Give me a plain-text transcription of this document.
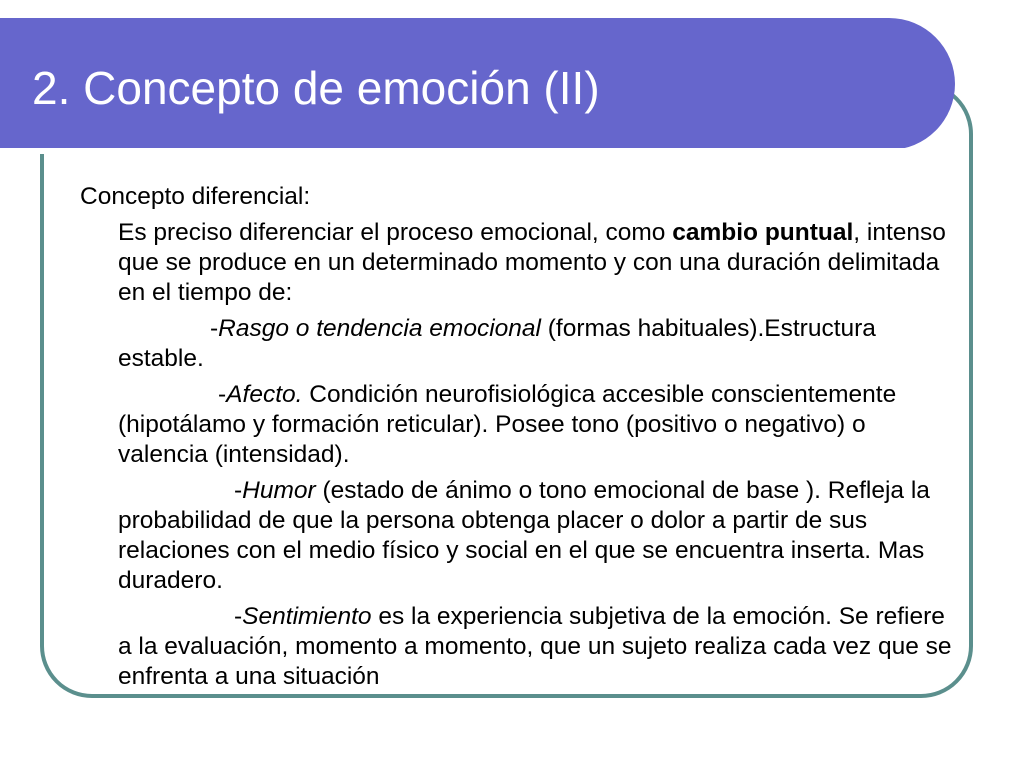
2. Concepto de emoción (II)

Concepto diferencial:

Es preciso diferenciar el proceso emocional, como cambio puntual, intenso que se produce en un determinado momento y con una duración delimitada en el tiempo de:

-Rasgo o tendencia emocional (formas habituales).Estructura estable.

-Afecto. Condición neurofisiológica accesible conscientemente (hipotálamo y formación reticular). Posee tono (positivo o negativo) o valencia (intensidad).

-Humor (estado de ánimo o tono emocional de base ). Refleja la probabilidad de que la persona obtenga placer o dolor a partir de sus relaciones con el medio físico y social en el que se encuentra inserta. Mas duradero.

-Sentimiento es la experiencia subjetiva de la emoción. Se refiere a la evaluación, momento a momento, que un sujeto realiza cada vez que se enfrenta a una situación
